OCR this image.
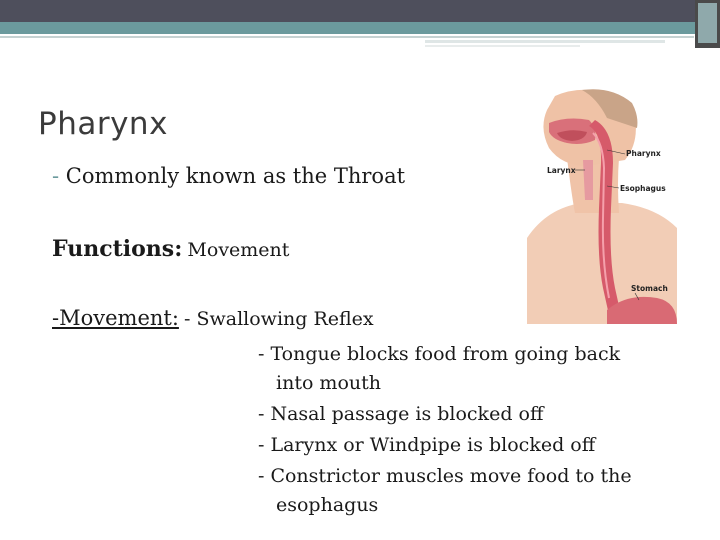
Pharynx
- Commonly known as the Throat
Functions: Movement
-Movement: - Swallowing Reflex
- Tongue blocks food from going back
into mouth
- Nasal passage is blocked off
- Larynx or Windpipe is blocked off
- Constrictor muscles move food to the
esophagus
Pharynx
Larynx
Esophagus
Stomach
